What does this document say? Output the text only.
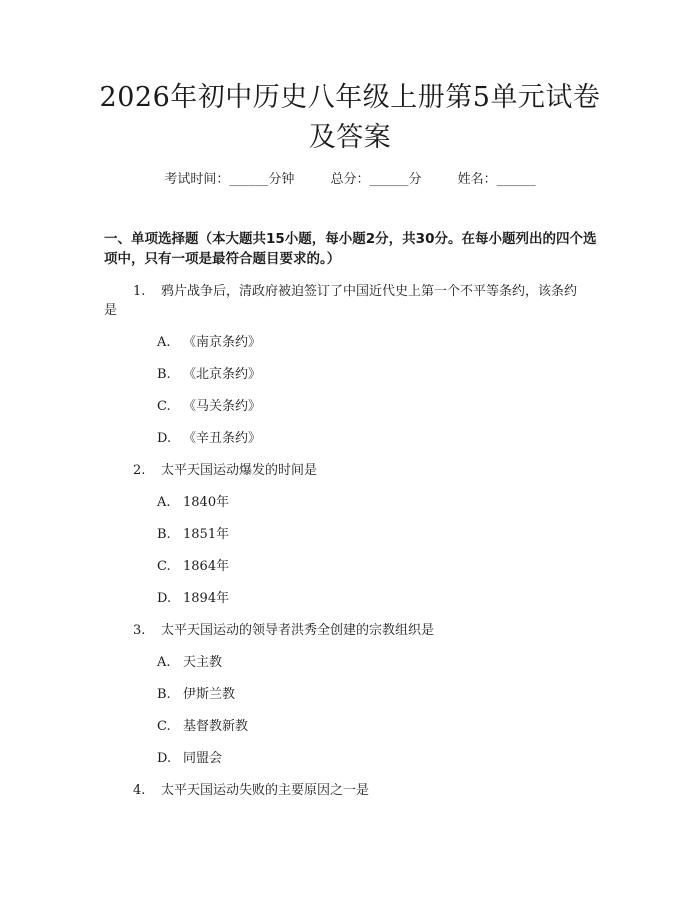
2026年初中历史八年级上册第5单元试卷及答案
考试时间：______分钟	总分：______分	姓名：______
一、单项选择题（本大题共15小题，每小题2分，共30分。在每小题列出的四个选项中，只有一项是最符合题目要求的。）
1. 鸦片战争后，清政府被迫签订了中国近代史上第一个不平等条约，该条约
是
A. 《南京条约》
B. 《北京条约》
C. 《马关条约》
D. 《辛丑条约》
2. 太平天国运动爆发的时间是
A. 1840年
B. 1851年
C. 1864年
D. 1894年
3. 太平天国运动的领导者洪秀全创建的宗教组织是
A. 天主教
B. 伊斯兰教
C. 基督教新教
D. 同盟会
4. 太平天国运动失败的主要原因之一是
